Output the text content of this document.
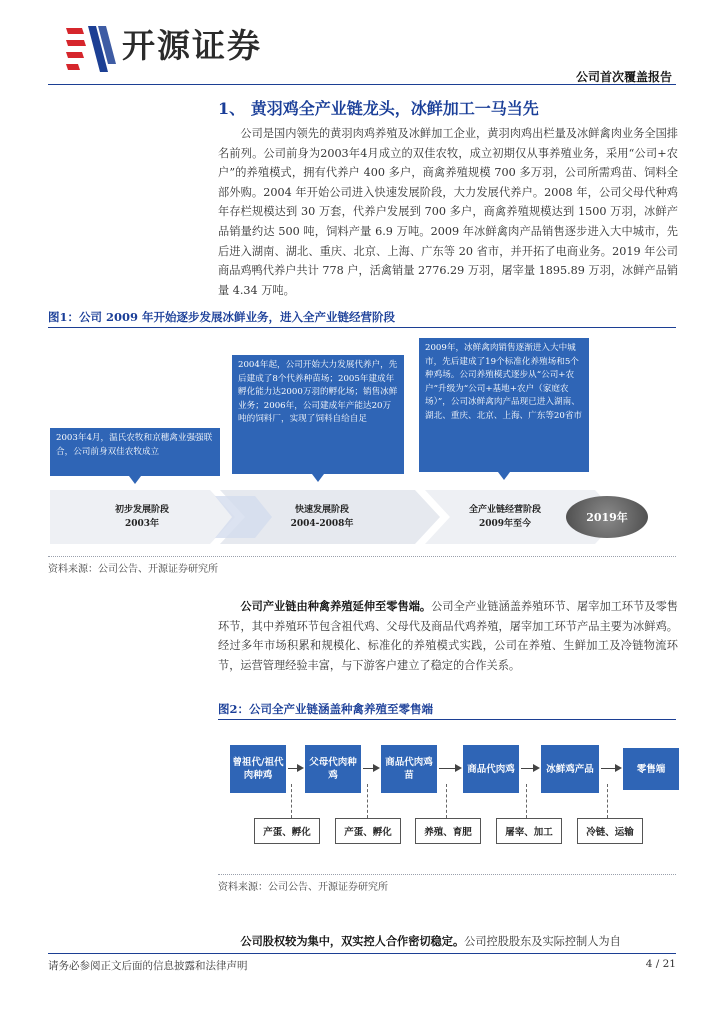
开源证券
公司首次覆盖报告
1、 黄羽鸡全产业链龙头，冰鲜加工一马当先
公司是国内领先的黄羽肉鸡养殖及冰鲜加工企业，黄羽肉鸡出栏量及冰鲜禽肉业务全国排名前列。公司前身为2003年4月成立的双佳农牧，成立初期仅从事养殖业务，采用“公司+农户”的养殖模式，拥有代养户 400 多户，商禽养殖规模 700 多万羽，公司所需鸡苗、饲料全部外购。2004 年开始公司进入快速发展阶段，大力发展代养户。2008 年，公司父母代种鸡年存栏规模达到 30 万套，代养户发展到 700 多户，商禽养殖规模达到 1500 万羽，冰鲜产品销量约达 500 吨，饲料产量 6.9 万吨。2009 年冰鲜禽肉产品销售逐步进入大中城市，先后进入湖南、湖北、重庆、北京、上海、广东等 20 省市，并开拓了电商业务。2019 年公司商品鸡鸭代养户共计 778 户，活禽销量 2776.29 万羽，屠宰量 1895.89 万羽，冰鲜产品销量 4.34 万吨。
图1：公司 2009 年开始逐步发展冰鲜业务，进入全产业链经营阶段
2003年4月，温氏农牧和京穗禽业强强联合，公司前身双佳农牧成立
2004年起，公司开始大力发展代养户，先后建成了8个代养种苗场；2005年建成年孵化能力达2000万羽的孵化场；销售冰鲜业务；2006年，公司建成年产能达20万吨的饲料厂，实现了饲料自给自足
2009年，冰鲜禽肉销售逐渐进入大中城市，先后建成了19个标准化养殖场和5个种鸡场。公司养殖模式逐步从“公司+农户”升级为“公司+基地+农户（家庭农场）”，公司冰鲜禽肉产品现已进入湖南、湖北、重庆、北京、上海、广东等20省市
初步发展阶段
2003年
快速发展阶段
2004-2008年
全产业链经营阶段
2009年至今	2019年
资料来源：公司公告、开源证券研究所
公司产业链由种禽养殖延伸至零售端。公司全产业链涵盖养殖环节、屠宰加工环节及零售环节，其中养殖环节包含祖代鸡、父母代及商品代鸡养殖，屠宰加工环节产品主要为冰鲜鸡。经过多年市场积累和规模化、标准化的养殖模式实践，公司在养殖、生鲜加工及冷链物流环节，运营管理经验丰富，与下游客户建立了稳定的合作关系。
图2：公司全产业链涵盖种禽养殖至零售端
曾祖代/祖代肉种鸡
父母代肉种鸡
商品代肉鸡苗
商品代肉鸡	冰鲜鸡产品	零售端
产蛋、孵化	产蛋、孵化	养殖、育肥	屠宰、加工	冷链、运输
资料来源：公司公告、开源证券研究所
公司股权较为集中，双实控人合作密切稳定。公司控股股东及实际控制人为自
请务必参阅正文后面的信息披露和法律声明	4 / 21
